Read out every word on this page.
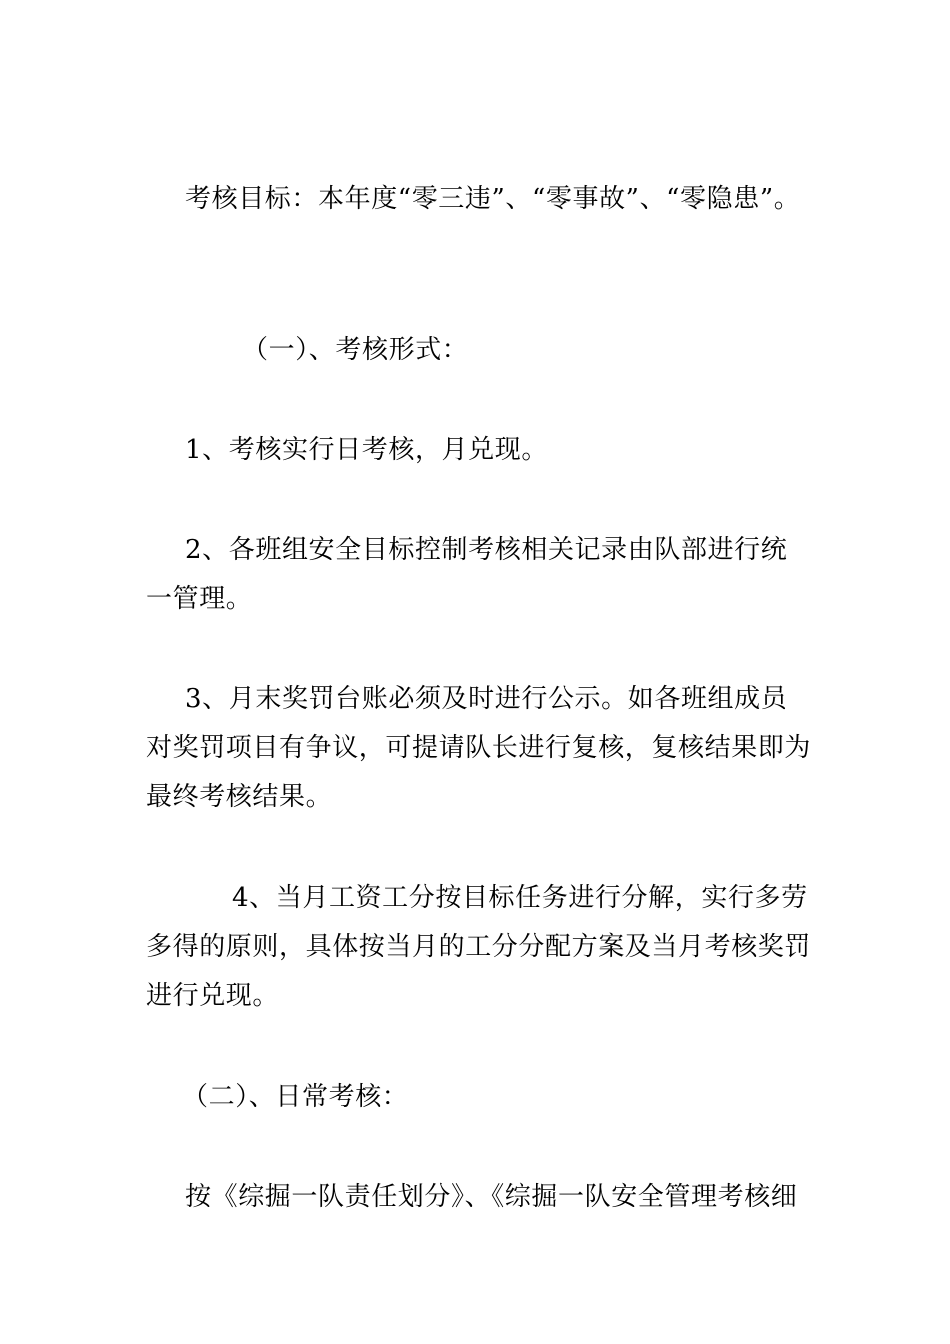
考核目标：本年度“零三违”、“零事故”、“零隐患”。

（一）、考核形式：

1、考核实行日考核，月兑现。

2、各班组安全目标控制考核相关记录由队部进行统一管理。

3、月末奖罚台账必须及时进行公示。如各班组成员对奖罚项目有争议，可提请队长进行复核，复核结果即为最终考核结果。

4、当月工资工分按目标任务进行分解，实行多劳多得的原则，具体按当月的工分分配方案及当月考核奖罚进行兑现。

（二）、日常考核：

按《综掘一队责任划分》、《综掘一队安全管理考核细
